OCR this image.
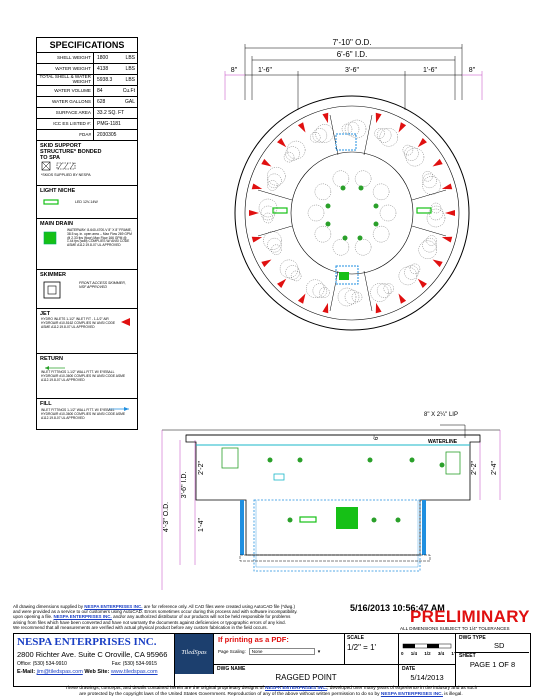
SPECIFICATIONS
SHELL WEIGHT	1800	LBS
WATER WEIGHT	4138	LBS
TOTAL SHELL & WATER WEIGHT	5938.3	LBS
WATER VOLUME	84	Cu.Ft
WATER GALLONS	628	GAL
SURFACE AREA	33.2 SQ. FT
ICC ES LISTED #:	PMG-1181
FDA#	2030305
SKID SUPPORT STRUCTURE* BONDED TO SPA
*SKIDS SUPPLIED BY NESPA
LIGHT NICHE
LED 12V-14W
MAIN DRAIN
WATERWAY: 8-640-4700-V 8" X 8" FRAME, 38.5 sq. in. open area -- Max Flow 269 GPM @ 2.33 fps (floor) Max Flow 166 GPM @ 1.44 fps (wall) COMPLIES W/ ANSI CODE ASME A112.19.8-07 UL APPROVED
SKIMMER
FRONT ACCESS SKIMMER, NSF APPROVED
JET
HYDRO INLETS 1-1/2" INLET FIT - 1-1/2" AIR HYDROAIR #10-5162 COMPLIES W/ ANSI CODE ASME A112.19.8-07 UL APPROVED
RETURN
INLET FITTINGS 1-1/2" WALL FITT. W/ EYEBALL HYDROAIR #10-3600 COMPLIES W/ ANSI CODE ASME A112.19.8-07 UL APPROVED
FILL
INLET FITTINGS 1-1/2" WALL FITT. W/ EYEBALL HYDROAIR #10-3600 COMPLIES W/ ANSI CODE ASME A112.19.8-07 UL APPROVED
7'-10" O.D.
6'-6" I.D.
8"	1'-6"	3'-6"	1'-6"	8"
8" X 2¼" LIP
6"
WATERLINE
4'-3" O.D.
3'-6" I.D.
2'-2"
1'-4"
2'-2" 2'-4"
All drawing dimensions supplied by NESPA ENTERPRISES INC. are for reference only. All CAD files were created using AutoCAD file (*dwg.)
and were provided as a service to our customers using AutoCAD. Errors sometimes occur during this process and with software incompatibility.
upon opening a file. NESPA ENTERPRISES INC. and/or any authorized distributor of our products will not be held responsible for problems
arising from files which have been converted and have not warranty the documents against deficiencies or typographic errors of any kind.
We recommend that all measurements are verified with actual physical product before any custom fabrication in the field occurs.
5/16/2013 10:56:47 AM
PRELIMINARY
ALL DIMENSIONS SUBJECT TO 1/4" TOLERANCES
NESPA ENTERPRISES INC.
2800 Richter Ave. Suite C Oroville, CA 95966
Office: (530) 534-9910	Fax: (530) 534-9915
E-Mail: jim@tiledspas.com Web Site: www.tiledspas.com
TiledSpas
If printing as a PDF:
Page Scaling:	None	▾
SCALE
1/2" = 1'
0 1/4 1/2 3/4 1'
DWG TYPE
SD
DWG NAME
RAGGED POINT
DATE
5/14/2013
SHEET
PAGE 1 OF 8
These drawings, concepts, and details contained herein are the original proprietary designs of NESPA ENTERPRISES INC., developed over many years of experience in the industry and as such
are protected by the copyright laws of the United States Government. Reproduction of any of the above without written permission to do so by NESPA ENTERPRISES INC. is illegal.
